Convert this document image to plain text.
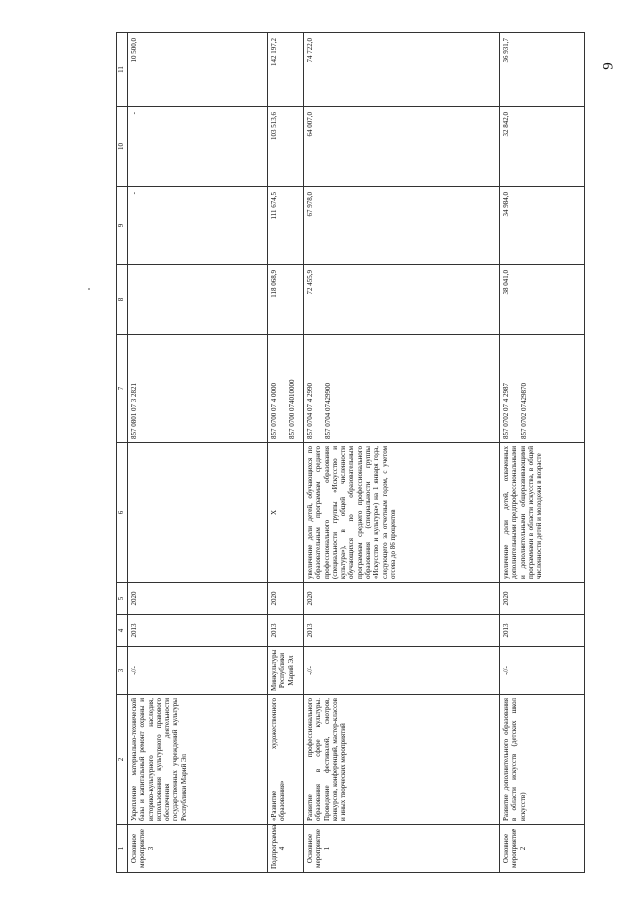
9
1	2	3	4	5	6	7	8	9	10	11
Основное мероприятие 3	Укрепление материально-технической базы и капитальный ремонт охраны и историко-культурного наследия, использования культурного правового обеспечения деятельности государственных учреждений культуры Республики Марий Эл	-//-	2013	2020		857 0801 07 3 2821		-	-	10 500,0
Подпрограмма 4	«Развитие художественного образования»	Минкультуры Республики Марий Эл	2013	2020	X	857 0700 07 4 0000 857 0700 074010000	118 068,9	111 674,5	103 513,6	142 197,2
Основное мероприятие 1	Развитие профессионального образования в сфере культуры. Проведение фестивалей, смотров, конкурсов, конференций, мастер-классов и иных творческих мероприятий	-//-	2013	2020	увеличение доли детей, обучающихся по образовательным программам среднего профессионального образования (специальности группы «Искусство и культура»), в общей численности обучающихся по образовательным программам среднего профессионального образования (специальности группы «Искусство и культура») на 1 января года, следующего за отчетным годом, с учетом отсева до 86 процентов	857 0704 07 4 2990 857 0704 07429900	72 455,9	67 978,0	64 007,0	74 722,0
Основное мероприятие 2	Развитие дополнительного образования в области искусств (детских школ искусств)	-//-	2013	2020	увеличение доли детей, охваченных дополнительными предпрофессиональными и дополнительными общеразвивающими программами в области искусства, в общей численности детей и молодежи в возрасте	857 0702 07 4 2987 857 0702 07429870	38 041,0	34 984,0	32 842,0	36 931,7
